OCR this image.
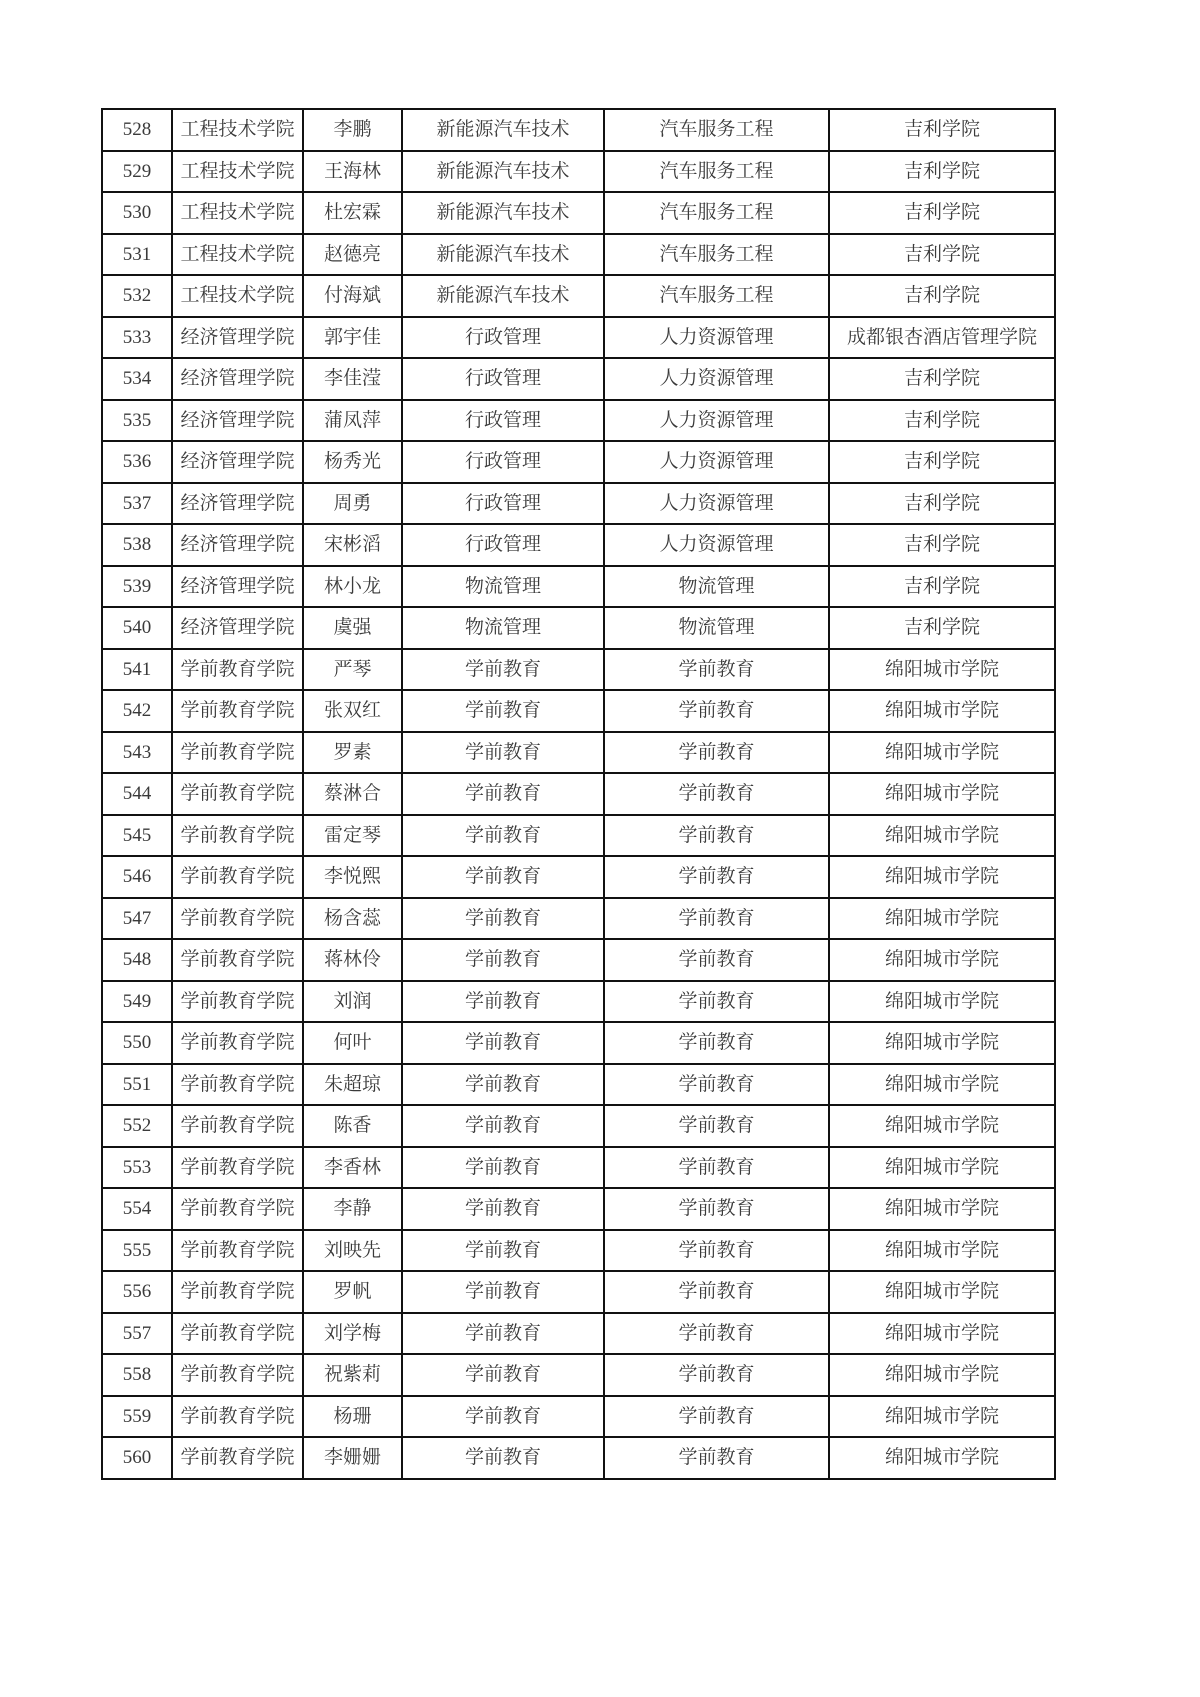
528	工程技术学院	李鹏	新能源汽车技术	汽车服务工程	吉利学院
529	工程技术学院	王海林	新能源汽车技术	汽车服务工程	吉利学院
530	工程技术学院	杜宏霖	新能源汽车技术	汽车服务工程	吉利学院
531	工程技术学院	赵德亮	新能源汽车技术	汽车服务工程	吉利学院
532	工程技术学院	付海斌	新能源汽车技术	汽车服务工程	吉利学院
533	经济管理学院	郭宇佳	行政管理	人力资源管理	成都银杏酒店管理学院
534	经济管理学院	李佳滢	行政管理	人力资源管理	吉利学院
535	经济管理学院	蒲凤萍	行政管理	人力资源管理	吉利学院
536	经济管理学院	杨秀光	行政管理	人力资源管理	吉利学院
537	经济管理学院	周勇	行政管理	人力资源管理	吉利学院
538	经济管理学院	宋彬滔	行政管理	人力资源管理	吉利学院
539	经济管理学院	林小龙	物流管理	物流管理	吉利学院
540	经济管理学院	虞强	物流管理	物流管理	吉利学院
541	学前教育学院	严琴	学前教育	学前教育	绵阳城市学院
542	学前教育学院	张双红	学前教育	学前教育	绵阳城市学院
543	学前教育学院	罗素	学前教育	学前教育	绵阳城市学院
544	学前教育学院	蔡淋合	学前教育	学前教育	绵阳城市学院
545	学前教育学院	雷定琴	学前教育	学前教育	绵阳城市学院
546	学前教育学院	李悦熙	学前教育	学前教育	绵阳城市学院
547	学前教育学院	杨含蕊	学前教育	学前教育	绵阳城市学院
548	学前教育学院	蒋林伶	学前教育	学前教育	绵阳城市学院
549	学前教育学院	刘润	学前教育	学前教育	绵阳城市学院
550	学前教育学院	何叶	学前教育	学前教育	绵阳城市学院
551	学前教育学院	朱超琼	学前教育	学前教育	绵阳城市学院
552	学前教育学院	陈香	学前教育	学前教育	绵阳城市学院
553	学前教育学院	李香林	学前教育	学前教育	绵阳城市学院
554	学前教育学院	李静	学前教育	学前教育	绵阳城市学院
555	学前教育学院	刘映先	学前教育	学前教育	绵阳城市学院
556	学前教育学院	罗帆	学前教育	学前教育	绵阳城市学院
557	学前教育学院	刘学梅	学前教育	学前教育	绵阳城市学院
558	学前教育学院	祝紫莉	学前教育	学前教育	绵阳城市学院
559	学前教育学院	杨珊	学前教育	学前教育	绵阳城市学院
560	学前教育学院	李姗姗	学前教育	学前教育	绵阳城市学院
